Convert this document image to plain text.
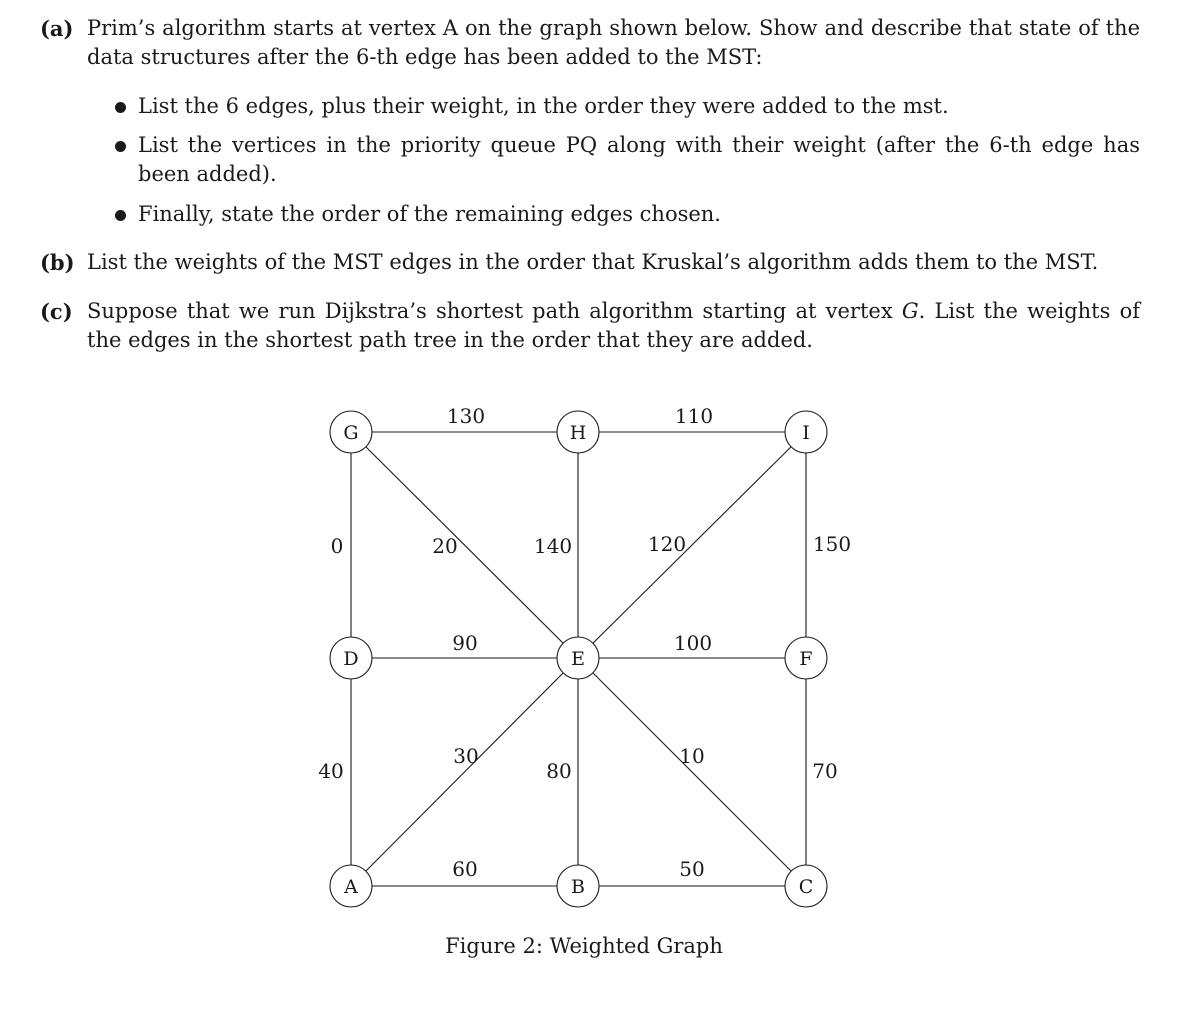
(a) Prim’s algorithm starts at vertex A on the graph shown below. Show and describe that state of the data structures after the 6-th edge has been added to the MST:
List the 6 edges, plus their weight, in the order they were added to the mst.
List the vertices in the priority queue PQ along with their weight (after the 6-th edge has been added).
Finally, state the order of the remaining edges chosen.
(b) List the weights of the MST edges in the order that Kruskal’s algorithm adds them to the MST.
(c) Suppose that we run Dijkstra’s shortest path algorithm starting at vertex G. List the weights of the edges in the shortest path tree in the order that they are added.
130	110
0	20	140	120	150
90	100
40
30
80
10
70
60	50
G	H	I
D	E	F
A	B	C
Figure 2: Weighted Graph
